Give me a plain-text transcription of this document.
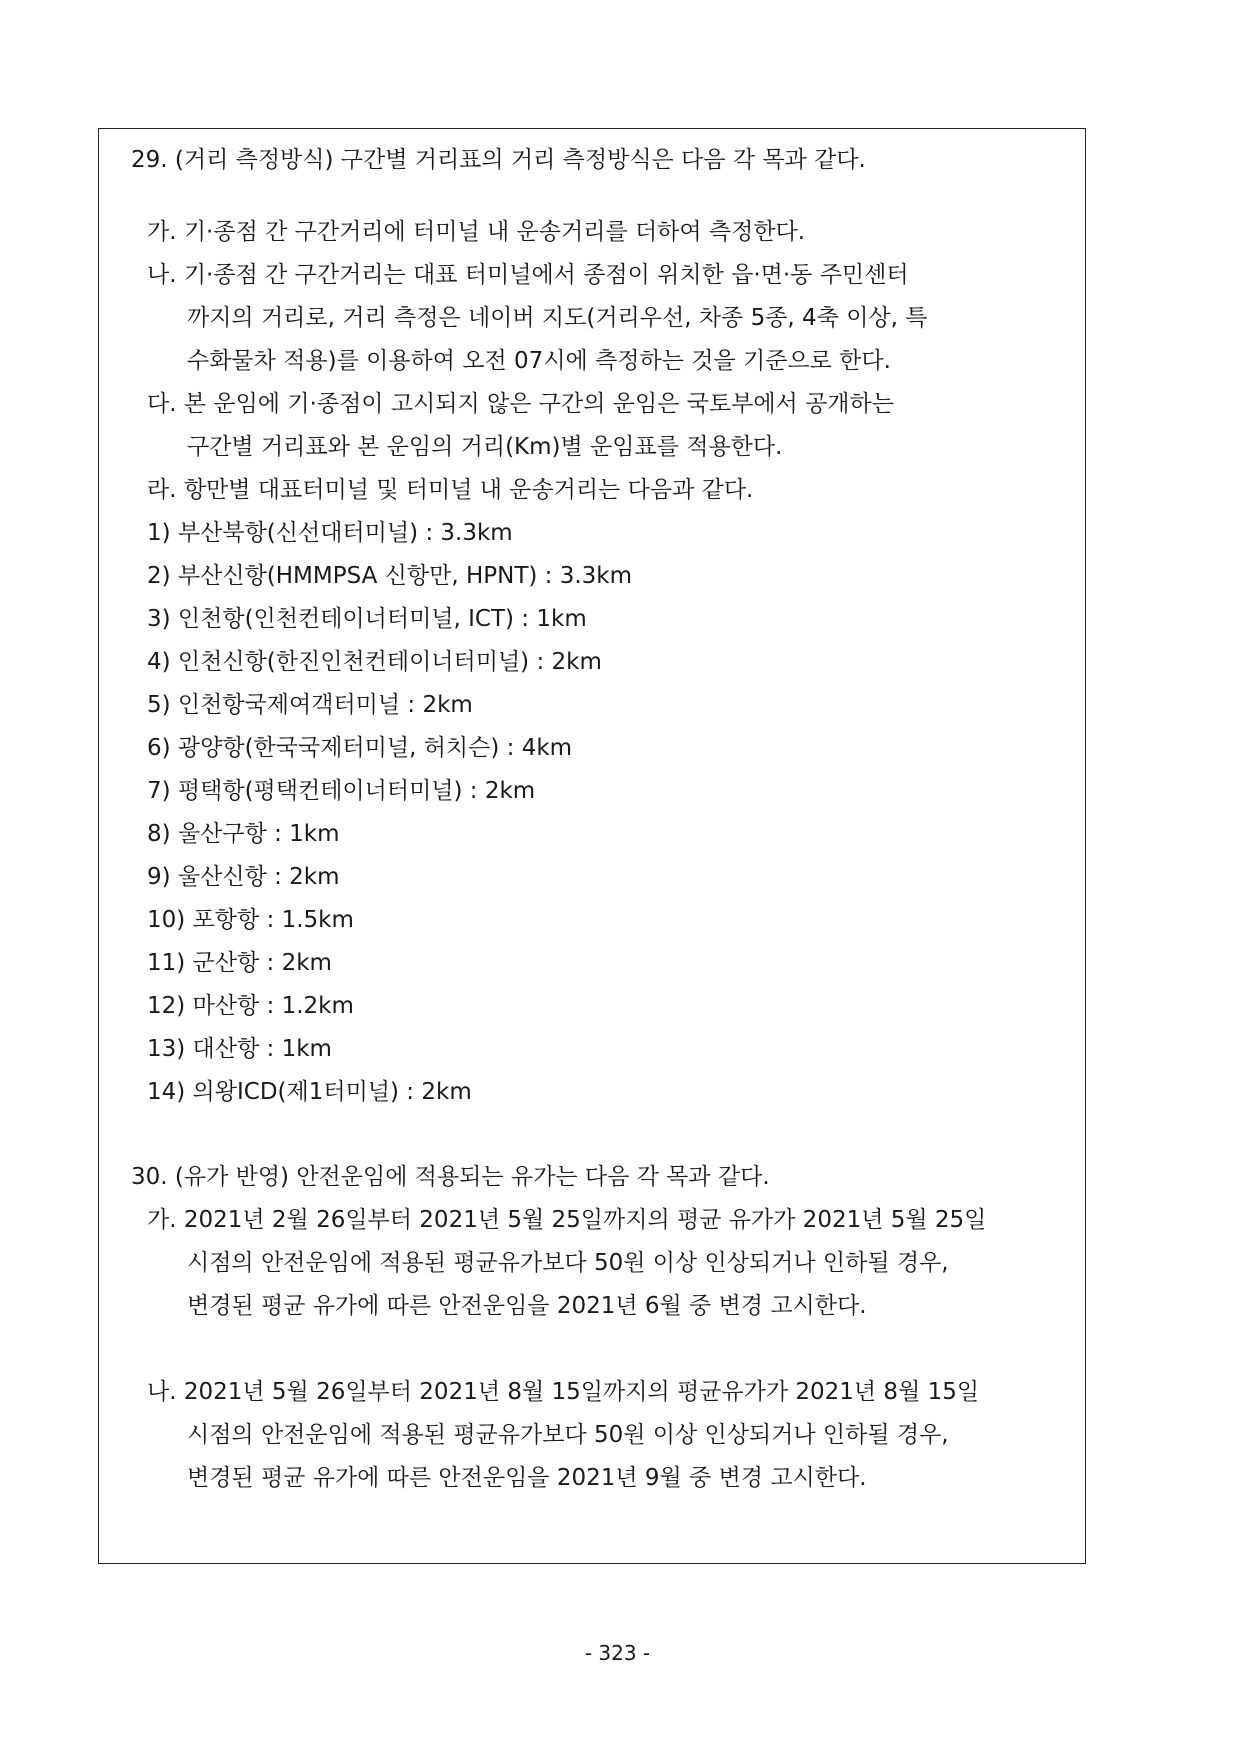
29. (거리 측정방식) 구간별 거리표의 거리 측정방식은 다음 각 목과 같다.
가. 기·종점 간 구간거리에 터미널 내 운송거리를 더하여 측정한다.
나. 기·종점 간 구간거리는 대표 터미널에서 종점이 위치한 읍·면·동 주민센터
까지의 거리로, 거리 측정은 네이버 지도(거리우선, 차종 5종, 4축 이상, 특
수화물차 적용)를 이용하여 오전 07시에 측정하는 것을 기준으로 한다.
다. 본 운임에 기·종점이 고시되지 않은 구간의 운임은 국토부에서 공개하는
구간별 거리표와 본 운임의 거리(Km)별 운임표를 적용한다.
라. 항만별 대표터미널 및 터미널 내 운송거리는 다음과 같다.
1) 부산북항(신선대터미널) : 3.3km
2) 부산신항(HMMPSA 신항만, HPNT) : 3.3km
3) 인천항(인천컨테이너터미널, ICT) : 1km
4) 인천신항(한진인천컨테이너터미널) : 2km
5) 인천항국제여객터미널 : 2km
6) 광양항(한국국제터미널, 허치슨) : 4km
7) 평택항(평택컨테이너터미널) : 2km
8) 울산구항 : 1km
9) 울산신항 : 2km
10) 포항항 : 1.5km
11) 군산항 : 2km
12) 마산항 : 1.2km
13) 대산항 : 1km
14) 의왕ICD(제1터미널) : 2km
30. (유가 반영) 안전운임에 적용되는 유가는 다음 각 목과 같다.
가. 2021년 2월 26일부터 2021년 5월 25일까지의 평균 유가가 2021년 5월 25일
시점의 안전운임에 적용된 평균유가보다 50원 이상 인상되거나 인하될 경우,
변경된 평균 유가에 따른 안전운임을 2021년 6월 중 변경 고시한다.
나. 2021년 5월 26일부터 2021년 8월 15일까지의 평균유가가 2021년 8월 15일
시점의 안전운임에 적용된 평균유가보다 50원 이상 인상되거나 인하될 경우,
변경된 평균 유가에 따른 안전운임을 2021년 9월 중 변경 고시한다.
- 323 -
